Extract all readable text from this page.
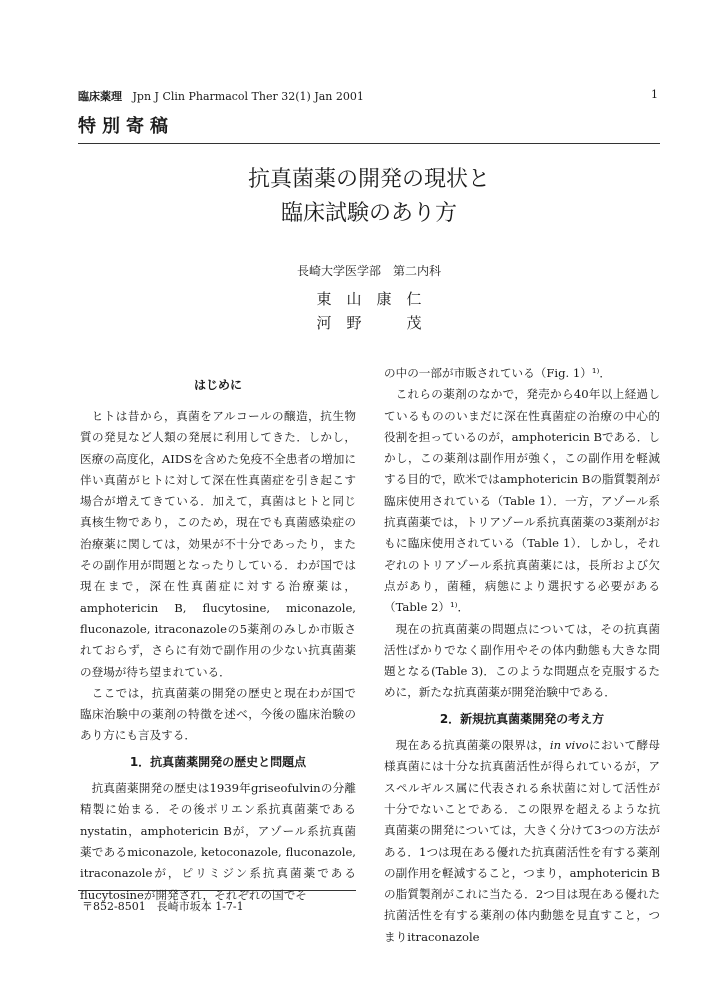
臨床薬理 Jpn J Clin Pharmacol Ther 32(1) Jan 2001	1
特別寄稿
抗真菌薬の開発の現状と
臨床試験のあり方
長崎大学医学部　第二内科
東　山　康　仁
河　野　　　茂
はじめに

ヒトは昔から，真菌をアルコールの醸造，抗生物質の発見など人類の発展に利用してきた．しかし，医療の高度化，AIDSを含めた免疫不全患者の増加に伴い真菌がヒトに対して深在性真菌症を引き起こす場合が増えてきている．加えて，真菌はヒトと同じ真核生物であり，このため，現在でも真菌感染症の治療薬に関しては，効果が不十分であったり，またその副作用が問題となったりしている．わが国では現在まで，深在性真菌症に対する治療薬は，amphotericin B, flucytosine, miconazole, fluconazole, itraconazoleの5薬剤のみしか市販されておらず，さらに有効で副作用の少ない抗真菌薬の登場が待ち望まれている．

ここでは，抗真菌薬の開発の歴史と現在わが国で臨床治験中の薬剤の特徴を述べ，今後の臨床治験のあり方にも言及する．

1．抗真菌薬開発の歴史と問題点

抗真菌薬開発の歴史は1939年griseofulvinの分離精製に始まる．その後ポリエン系抗真菌薬であるnystatin，amphotericin Bが，アゾール系抗真菌薬であるmiconazole, ketoconazole, fluconazole, itraconazoleが，ピリミジン系抗真菌薬であるflucytosineが開発され，それぞれの国でそ

の中の一部が市販されている（Fig. 1）¹⁾．

これらの薬剤のなかで，発売から40年以上経過しているもののいまだに深在性真菌症の治療の中心的役割を担っているのが，amphotericin Bである．しかし，この薬剤は副作用が強く，この副作用を軽減する目的で，欧米ではamphotericin Bの脂質製剤が臨床使用されている（Table 1）．一方，アゾール系抗真菌薬では，トリアゾール系抗真菌薬の3薬剤がおもに臨床使用されている（Table 1）．しかし，それぞれのトリアゾール系抗真菌薬には，長所および欠点があり，菌種，病態により選択する必要がある（Table 2）¹⁾．

現在の抗真菌薬の問題点については，その抗真菌活性ばかりでなく副作用やその体内動態も大きな問題となる(Table 3)．このような問題点を克服するために，新たな抗真菌薬が開発治験中である．

2．新規抗真菌薬開発の考え方

現在ある抗真菌薬の限界は，in vivoにおいて酵母様真菌には十分な抗真菌活性が得られているが，アスペルギルス属に代表される糸状菌に対して活性が十分でないことである．この限界を超えるような抗真菌薬の開発については，大きく分けて3つの方法がある．1つは現在ある優れた抗真菌活性を有する薬剤の副作用を軽減すること，つまり，amphotericin Bの脂質製剤がこれに当たる．2つ目は現在ある優れた抗菌活性を有する薬剤の体内動態を見直すこと，つまりitraconazole

〒852-8501　長崎市坂本 1-7-1
